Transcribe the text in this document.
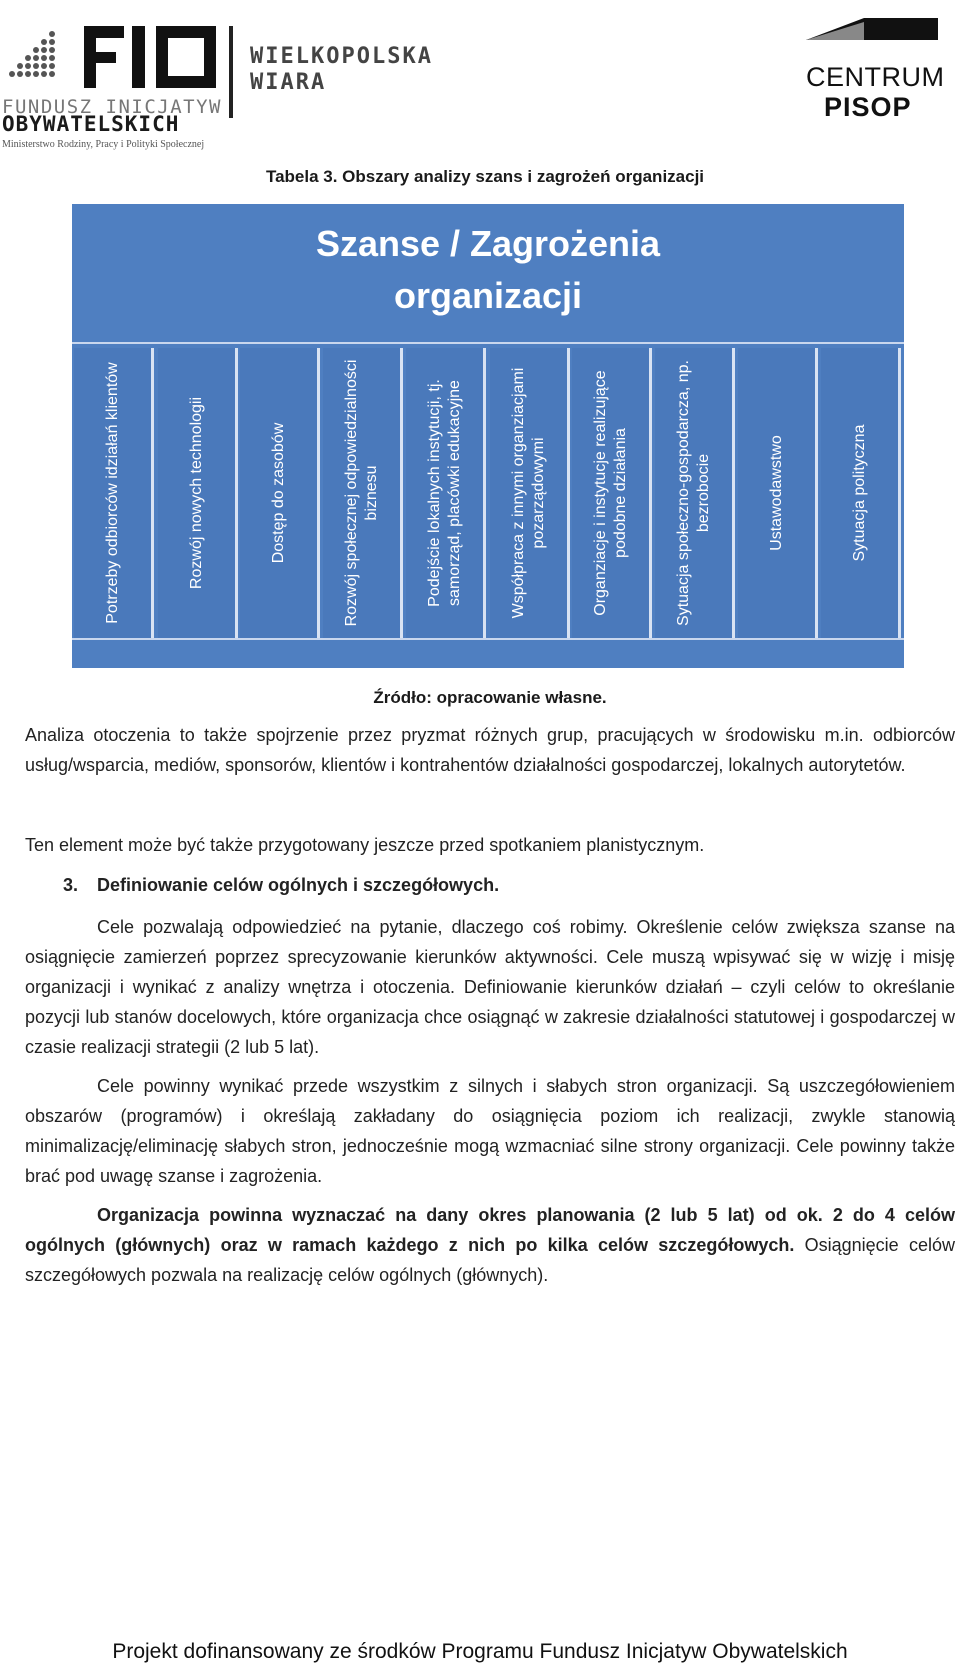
FUNDUSZ INICJATYW
OBYWATELSKICH
Ministerstwo Rodziny, Pracy i Polityki Społecznej
WIELKOPOLSKA
WIARA	CENTRUM
PISOP
Tabela 3. Obszary analizy szans i zagrożeń organizacji
Szanse / Zagrożenia
organizacji
Potrzeby odbiorców idziałań klientów	Rozwój nowych technologii	Dostęp do zasobów	Rozwój społecznej odpowiedzialności biznesu	Podejście lokalnych instytucji, tj. samorząd, placówki edukacyjne	Współpraca z innymi organziacjami pozarządowymi	Organziacje i instytucje realizujące podobne działania	Sytuacja społeczno-gospodarcza, np. bezrobocie	Ustawodawstwo	Sytuacja polityczna
Źródło: opracowanie własne.
Analiza otoczenia to także spojrzenie przez pryzmat różnych grup, pracujących w środowisku m.in. odbiorców usług/wsparcia, mediów, sponsorów, klientów i kontrahentów działalności gospodarczej, lokalnych autorytetów.
Ten element może być także przygotowany jeszcze przed spotkaniem planistycznym.
3. Definiowanie celów ogólnych i szczegółowych.
Cele pozwalają odpowiedzieć na pytanie, dlaczego coś robimy. Określenie celów zwiększa szanse na osiągnięcie zamierzeń poprzez sprecyzowanie kierunków aktywności. Cele muszą wpisywać się w wizję i misję organizacji i wynikać z analizy wnętrza i otoczenia. Definiowanie kierunków działań – czyli celów to określanie pozycji lub stanów docelowych, które organizacja chce osiągnąć w zakresie działalności statutowej i gospodarczej w czasie realizacji strategii (2 lub 5 lat).
Cele powinny wynikać przede wszystkim z silnych i słabych stron organizacji. Są uszczegółowieniem obszarów (programów) i określają zakładany do osiągnięcia poziom ich realizacji, zwykle stanowią minimalizację/eliminację słabych stron, jednocześnie mogą wzmacniać silne strony organizacji. Cele powinny także brać pod uwagę szanse i zagrożenia.
Organizacja powinna wyznaczać na dany okres planowania (2 lub 5 lat) od ok. 2 do 4 celów ogólnych (głównych) oraz w ramach każdego z nich po kilka celów szczegółowych. Osiągnięcie celów szczegółowych pozwala na realizację celów ogólnych (głównych).
Projekt dofinansowany ze środków Programu Fundusz Inicjatyw Obywatelskich
